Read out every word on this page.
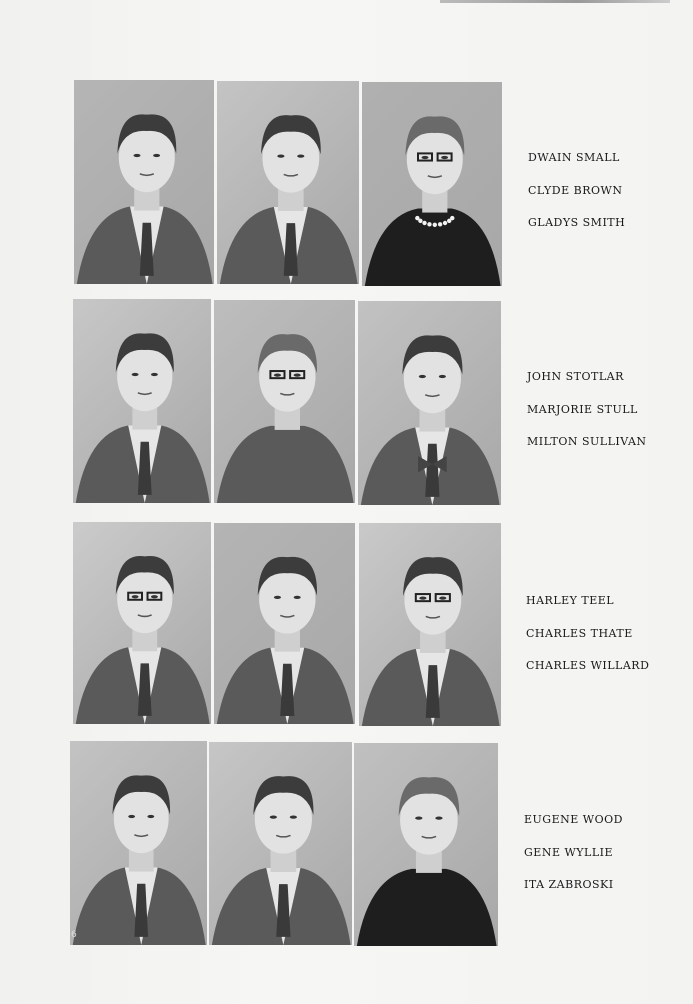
DWAIN SMALL
CLYDE BROWN
GLADYS SMITH
JOHN STOTLAR
MARJORIE STULL
MILTON SULLIVAN
HARLEY TEEL
CHARLES THATE
CHARLES WILLARD
EUGENE WOOD
GENE WYLLIE
ITA ZABROSKI
6
